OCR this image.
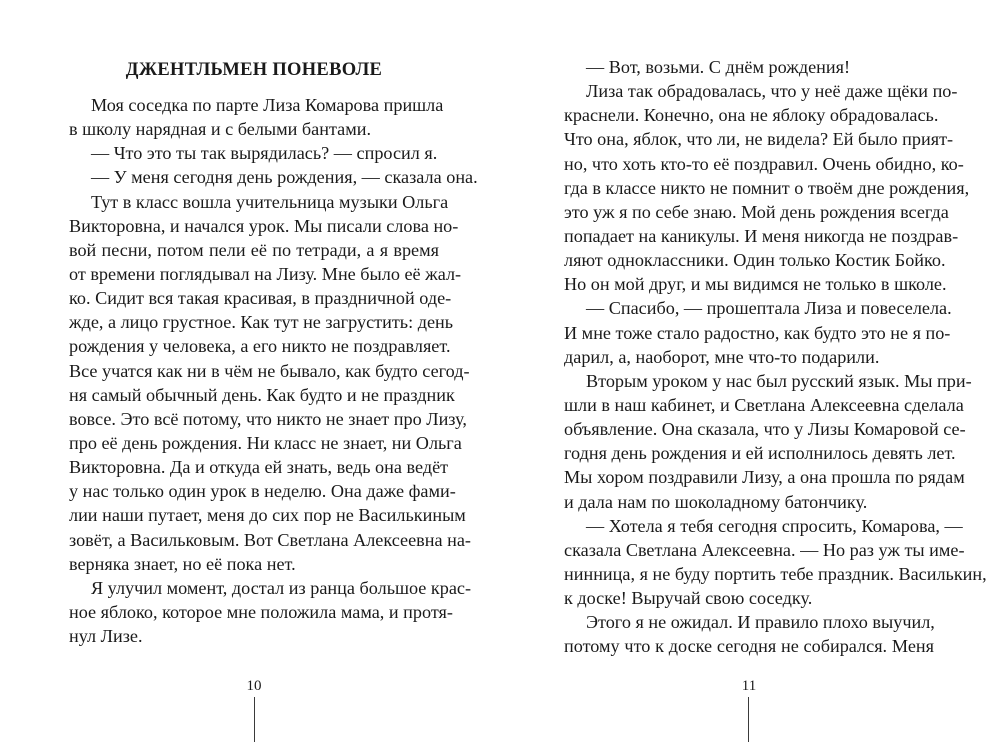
ДЖЕНТЛЬМЕН ПОНЕВОЛЕ
Моя соседка по парте Лиза Комарова пришла
в школу нарядная и с белыми бантами.
— Что это ты так вырядилась? — спросил я.
— У меня сегодня день рождения, — сказала она.
Тут в класс вошла учительница музыки Ольга
Викторовна, и начался урок. Мы писали слова но-
вой песни, потом пели её по тетради, а я время
от времени поглядывал на Лизу. Мне было её жал-
ко. Сидит вся такая красивая, в праздничной оде-
жде, а лицо грустное. Как тут не загрустить: день
рождения у человека, а его никто не поздравляет.
Все учатся как ни в чём не бывало, как будто сегод-
ня самый обычный день. Как будто и не праздник
вовсе. Это всё потому, что никто не знает про Лизу,
про её день рождения. Ни класс не знает, ни Ольга
Викторовна. Да и откуда ей знать, ведь она ведёт
у нас только один урок в неделю. Она даже фами-
лии наши путает, меня до сих пор не Василькиным
зовёт, а Васильковым. Вот Светлана Алексеевна на-
верняка знает, но её пока нет.
Я улучил момент, достал из ранца большое крас-
ное яблоко, которое мне положила мама, и протя-
нул Лизе.
10
— Вот, возьми. С днём рождения!
Лиза так обрадовалась, что у неё даже щёки по-
краснели. Конечно, она не яблоку обрадовалась.
Что она, яблок, что ли, не видела? Ей было прият-
но, что хоть кто-то её поздравил. Очень обидно, ко-
гда в классе никто не помнит о твоём дне рождения,
это уж я по себе знаю. Мой день рождения всегда
попадает на каникулы. И меня никогда не поздрав-
ляют одноклассники. Один только Костик Бойко.
Но он мой друг, и мы видимся не только в школе.
— Спасибо, — прошептала Лиза и повеселела.
И мне тоже стало радостно, как будто это не я по-
дарил, а, наоборот, мне что-то подарили.
Вторым уроком у нас был русский язык. Мы при-
шли в наш кабинет, и Светлана Алексеевна сделала
объявление. Она сказала, что у Лизы Комаровой се-
годня день рождения и ей исполнилось девять лет.
Мы хором поздравили Лизу, а она прошла по рядам
и дала нам по шоколадному батончику.
— Хотела я тебя сегодня спросить, Комарова, —
сказала Светлана Алексеевна. — Но раз уж ты име-
нинница, я не буду портить тебе праздник. Василькин,
к доске! Выручай свою соседку.
Этого я не ожидал. И правило плохо выучил,
потому что к доске сегодня не собирался. Меня
11
